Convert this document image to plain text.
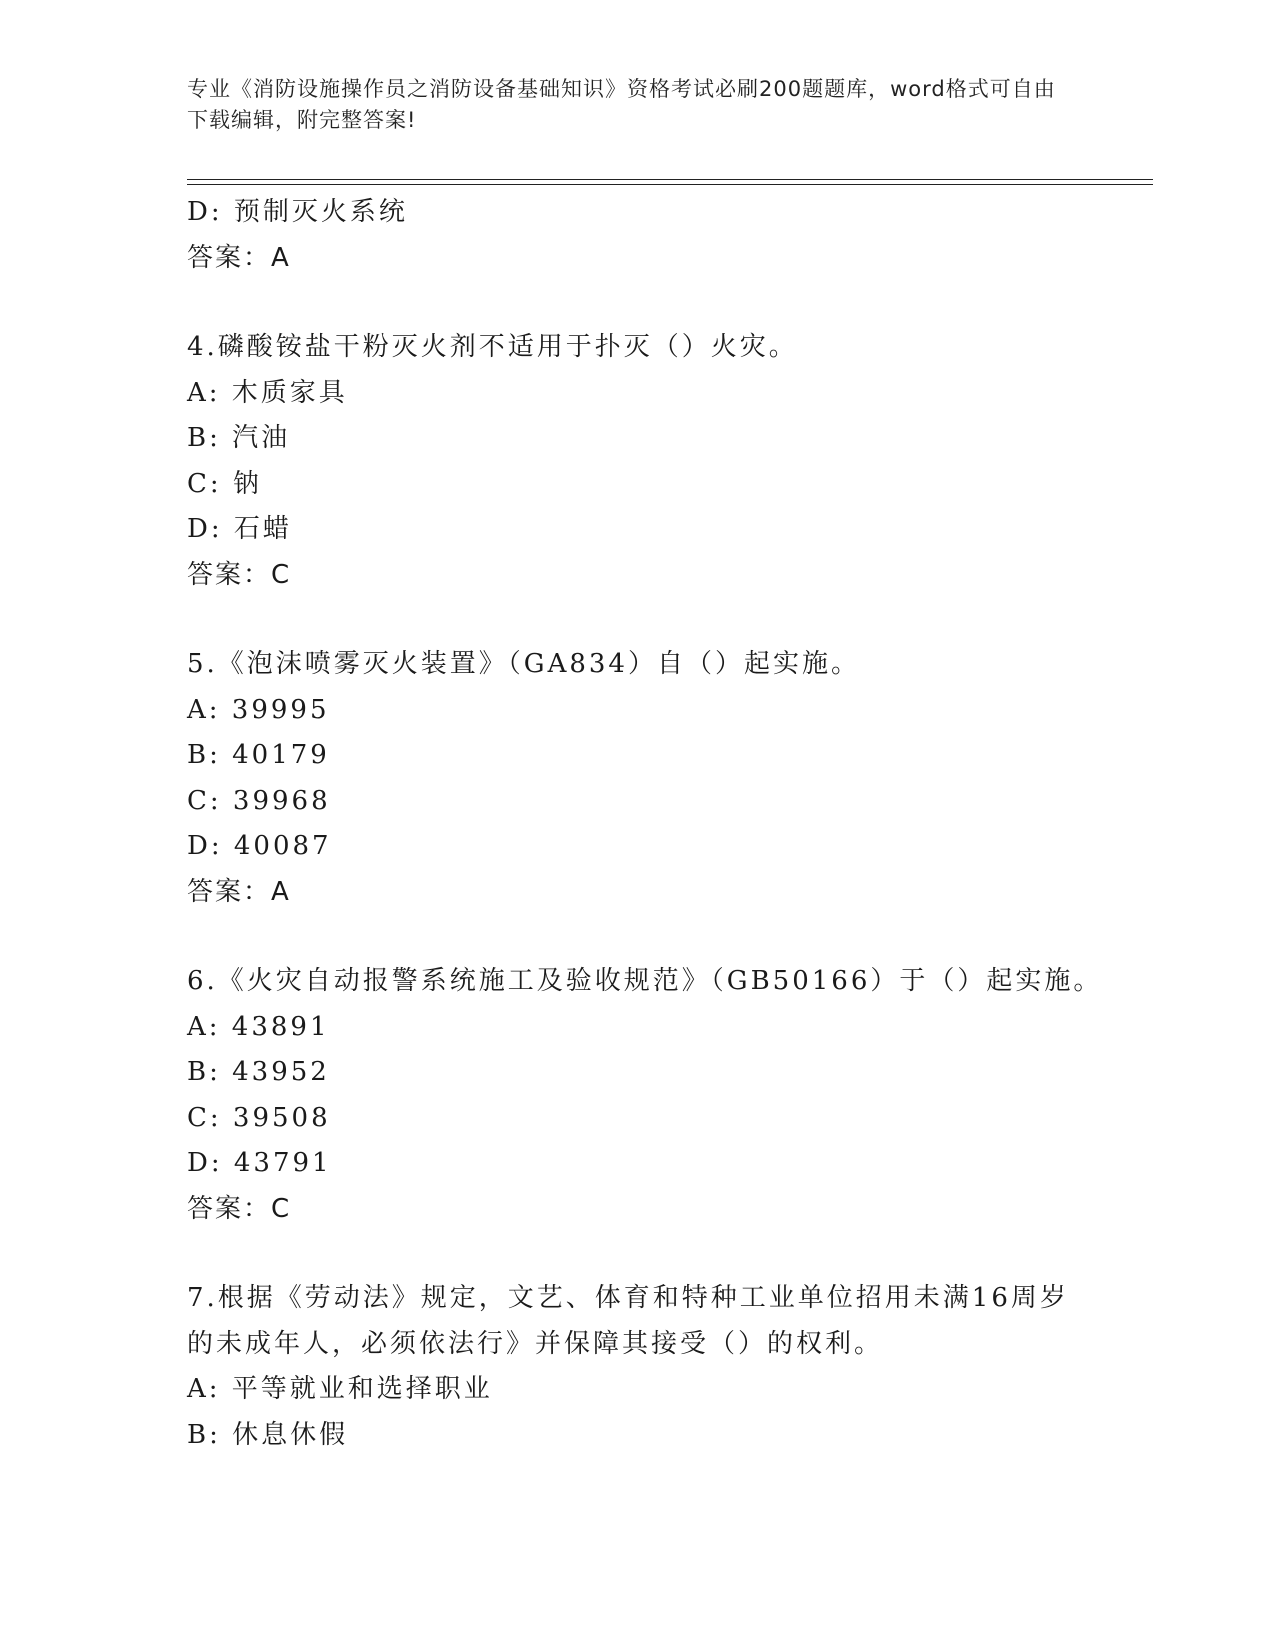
专业《消防设施操作员之消防设备基础知识》资格考试必刷200题题库，word格式可自由下载编辑，附完整答案!
D: 预制灭火系统
答案：A
4.磷酸铵盐干粉灭火剂不适用于扑灭（）火灾。
A: 木质家具
B: 汽油
C: 钠
D: 石蜡
答案：C
5.《泡沫喷雾灭火装置》（GA834）自（）起实施。
A: 39995
B: 40179
C: 39968
D: 40087
答案：A
6.《火灾自动报警系统施工及验收规范》（GB50166）于（）起实施。
A: 43891
B: 43952
C: 39508
D: 43791
答案：C
7.根据《劳动法》规定，文艺、体育和特种工业单位招用未满16周岁
的未成年人，必须依法行》并保障其接受（）的权利。
A: 平等就业和选择职业
B: 休息休假
